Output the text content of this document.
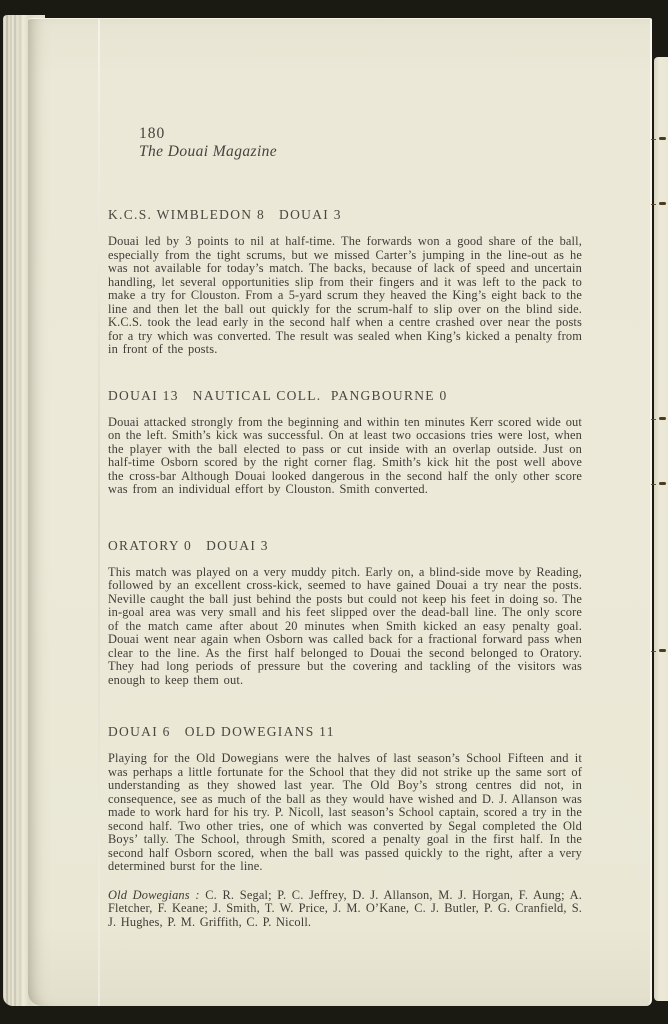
180
The Douai Magazine

K.C.S. WIMBLEDON 8   DOUAI 3

Douai led by 3 points to nil at half-time. The forwards won a good share of the ball, especially from the tight scrums, but we missed Carter’s jumping in the line-out as he was not available for today’s match. The backs, because of lack of speed and uncertain handling, let several opportunities slip from their fingers and it was left to the pack to make a try for Clouston. From a 5-yard scrum they heaved the King’s eight back to the line and then let the ball out quickly for the scrum-half to slip over on the blind side. K.C.S. took the lead early in the second half when a centre crashed over near the posts for a try which was converted. The result was sealed when King’s kicked a penalty from in front of the posts.

DOUAI 13   NAUTICAL COLL.  PANGBOURNE 0

Douai attacked strongly from the beginning and within ten minutes Kerr scored wide out on the left. Smith’s kick was successful. On at least two occasions tries were lost, when the player with the ball elected to pass or cut inside with an overlap outside. Just on half-time Osborn scored by the right corner flag. Smith’s kick hit the post well above the cross-bar Although Douai looked dangerous in the second half the only other score was from an individual effort by Clouston. Smith converted.

ORATORY 0   DOUAI 3

This match was played on a very muddy pitch. Early on, a blind-side move by Reading, followed by an excellent cross-kick, seemed to have gained Douai a try near the posts. Neville caught the ball just behind the posts but could not keep his feet in doing so. The in-goal area was very small and his feet slipped over the dead-ball line. The only score of the match came after about 20 minutes when Smith kicked an easy penalty goal. Douai went near again when Osborn was called back for a fractional forward pass when clear to the line. As the first half belonged to Douai the second belonged to Oratory. They had long periods of pressure but the covering and tackling of the visitors was enough to keep them out.

DOUAI 6   OLD DOWEGIANS 11

Playing for the Old Dowegians were the halves of last season’s School Fifteen and it was perhaps a little fortunate for the School that they did not strike up the same sort of understanding as they showed last year. The Old Boy’s strong centres did not, in consequence, see as much of the ball as they would have wished and D. J. Allanson was made to work hard for his try. P. Nicoll, last season’s School captain, scored a try in the second half. Two other tries, one of which was converted by Segal completed the Old Boys’ tally. The School, through Smith, scored a penalty goal in the first half. In the second half Osborn scored, when the ball was passed quickly to the right, after a very determined burst for the line.

Old Dowegians : C. R. Segal; P. C. Jeffrey, D. J. Allanson, M. J. Horgan, F. Aung; A. Fletcher, F. Keane; J. Smith, T. W. Price, J. M. O’Kane, C. J. Butler, P. G. Cranfield, S. J. Hughes, P. M. Griffith, C. P. Nicoll.
